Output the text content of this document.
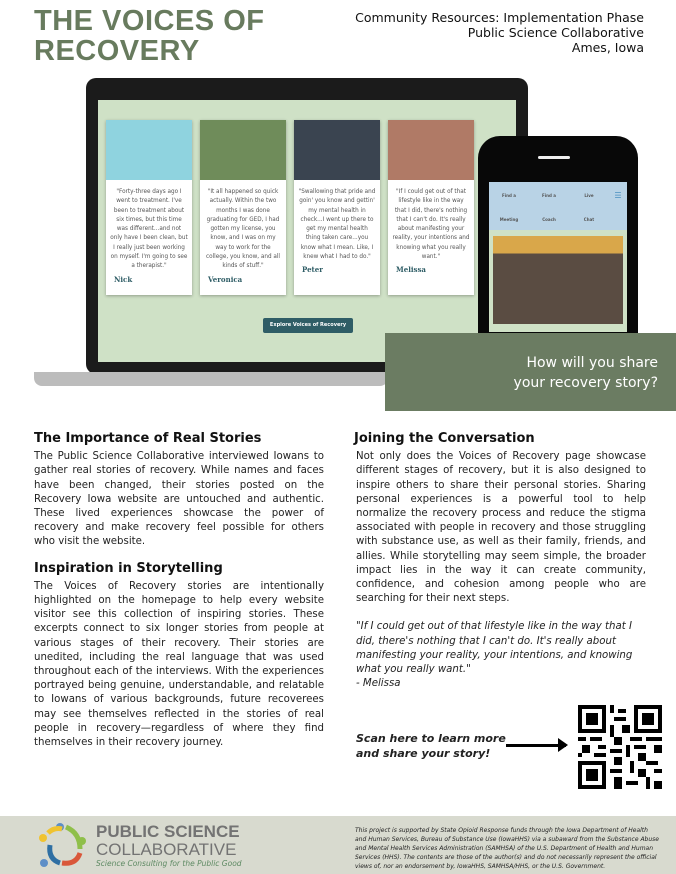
THE VOICES OF
RECOVERY
Community Resources: Implementation Phase
Public Science Collaborative
Ames, Iowa
"Forty-three days ago I went to treatment. I've been to treatment about six times, but this time was different...and not only have I been clean, but I really just been working on myself. I'm going to see a therapist."
Nick
"It all happened so quick actually. Within the two months I was done graduating for GED, I had gotten my license, you know, and I was on my way to work for the college, you know, and all kinds of stuff."
Veronica
"Swallowing that pride and goin' you know and gettin' my mental health in check...I went up there to get my mental health thing taken care...you know what I mean. Like, I knew what I had to do."
Peter
"If I could get out of that lifestyle like in the way that I did, there's nothing that I can't do. It's really about manifesting your reality, your intentions and knowing what you really want."
Melissa
Explore Voices of Recovery
Find a	Find a	Live	☰
Meeting	Coach	Chat
How will you share
your recovery story?
The Importance of Real Stories

The Public Science Collaborative interviewed Iowans to gather real stories of recovery. While names and faces have been changed, their stories posted on the Recovery Iowa website are untouched and authentic. These lived experiences showcase the power of recovery and make recovery feel possible for others who visit the website.

Inspiration in Storytelling

The Voices of Recovery stories are intentionally highlighted on the homepage to help every website visitor see this collection of inspiring stories. These excerpts connect to six longer stories from people at various stages of their recovery. Their stories are unedited, including the real language that was used throughout each of the interviews. With the experiences portrayed being genuine, understandable, and relatable to Iowans of various backgrounds, future recoverees may see themselves reflected in the stories of real people in recovery—regardless of where they find themselves in their recovery journey.

Joining the Conversation

Not only does the Voices of Recovery page showcase different stages of recovery, but it is also designed to inspire others to share their personal stories. Sharing personal experiences is a powerful tool to help normalize the recovery process and reduce the stigma associated with people in recovery and those struggling with substance use, as well as their family, friends, and allies. While storytelling may seem simple, the broader impact lies in the way it can create community, confidence, and cohesion among people who are searching for their next steps.

"If I could get out of that lifestyle like in the way that I did, there's nothing that I can't do. It's really about manifesting your reality, your intentions, and knowing what you really want."

- Melissa

Scan here to learn more
and share your story!
PUBLIC SCIENCE
COLLABORATIVE
Science Consulting for the Public Good
This project is supported by State Opioid Response funds through the Iowa Department of Health and Human Services, Bureau of Substance Use (IowaHHS) via a subaward from the Substance Abuse and Mental Health Services Administration (SAMHSA) of the U.S. Department of Health and Human Services (HHS). The contents are those of the author(s) and do not necessarily represent the official views of, nor an endorsement by, IowaHHS, SAMHSA/HHS, or the U.S. Government.
